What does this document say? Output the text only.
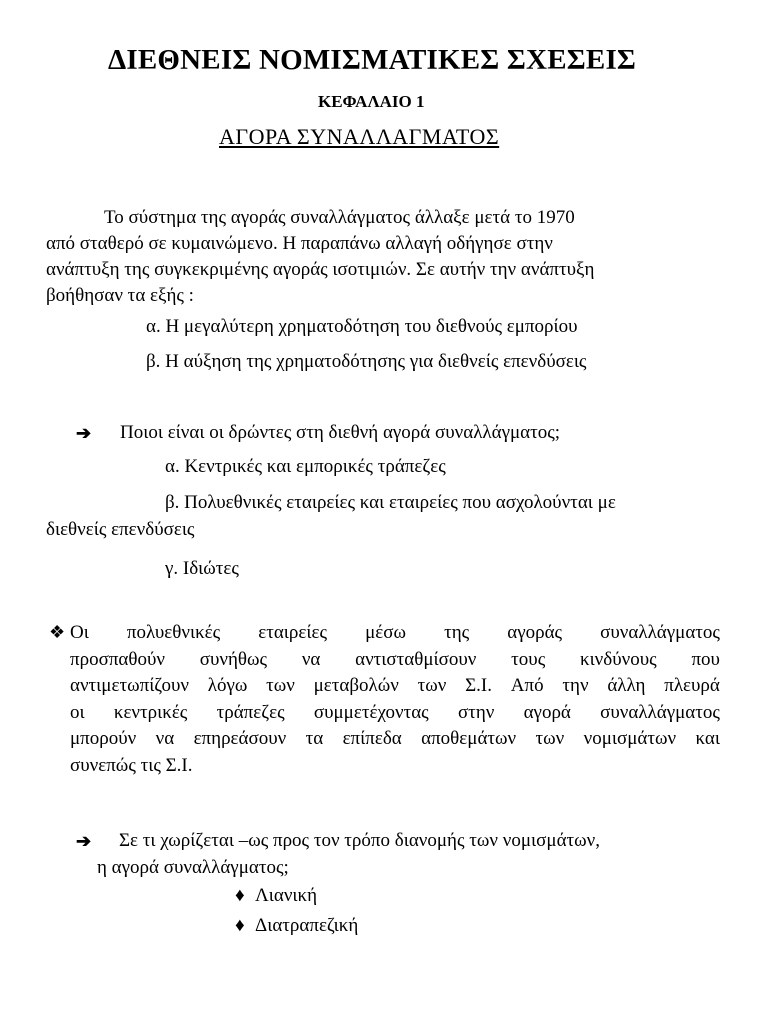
ΔΙΕΘΝΕΙΣ ΝΟΜΙΣΜΑΤΙΚΕΣ ΣΧΕΣΕΙΣ
ΚΕΦΑΛΑΙΟ 1
ΑΓΟΡΑ ΣΥΝΑΛΛΑΓΜΑΤΟΣ
Το σύστημα της αγοράς συναλλάγματος άλλαξε μετά το 1970
από σταθερό σε κυμαινώμενο. Η παραπάνω αλλαγή οδήγησε στην
ανάπτυξη της συγκεκριμένης αγοράς ισοτιμιών. Σε αυτήν την ανάπτυξη
βοήθησαν τα εξής :
α. Η μεγαλύτερη χρηματοδότηση του διεθνούς εμπορίου
β. Η αύξηση της χρηματοδότησης για διεθνείς επενδύσεις
➔ Ποιοι είναι οι δρώντες στη διεθνή αγορά συναλλάγματος;
α. Κεντρικές και εμπορικές τράπεζες
β. Πολυεθνικές εταιρείες και εταιρείες που ασχολούνται με
διεθνείς επενδύσεις
γ. Ιδιώτες
❖ Οι πολυεθνικές εταιρείες μέσω της αγοράς συναλλάγματος
προσπαθούν συνήθως να αντισταθμίσουν τους κινδύνους που
αντιμετωπίζουν λόγω των μεταβολών των Σ.Ι. Από την άλλη πλευρά
οι κεντρικές τράπεζες συμμετέχοντας στην αγορά συναλλάγματος
μπορούν να επηρεάσουν τα επίπεδα αποθεμάτων των νομισμάτων και
συνεπώς τις Σ.Ι.
➔ Σε τι χωρίζεται –ως προς τον τρόπο διανομής των νομισμάτων,
η αγορά συναλλάγματος;
♦ Λιανική
♦ Διατραπεζική
